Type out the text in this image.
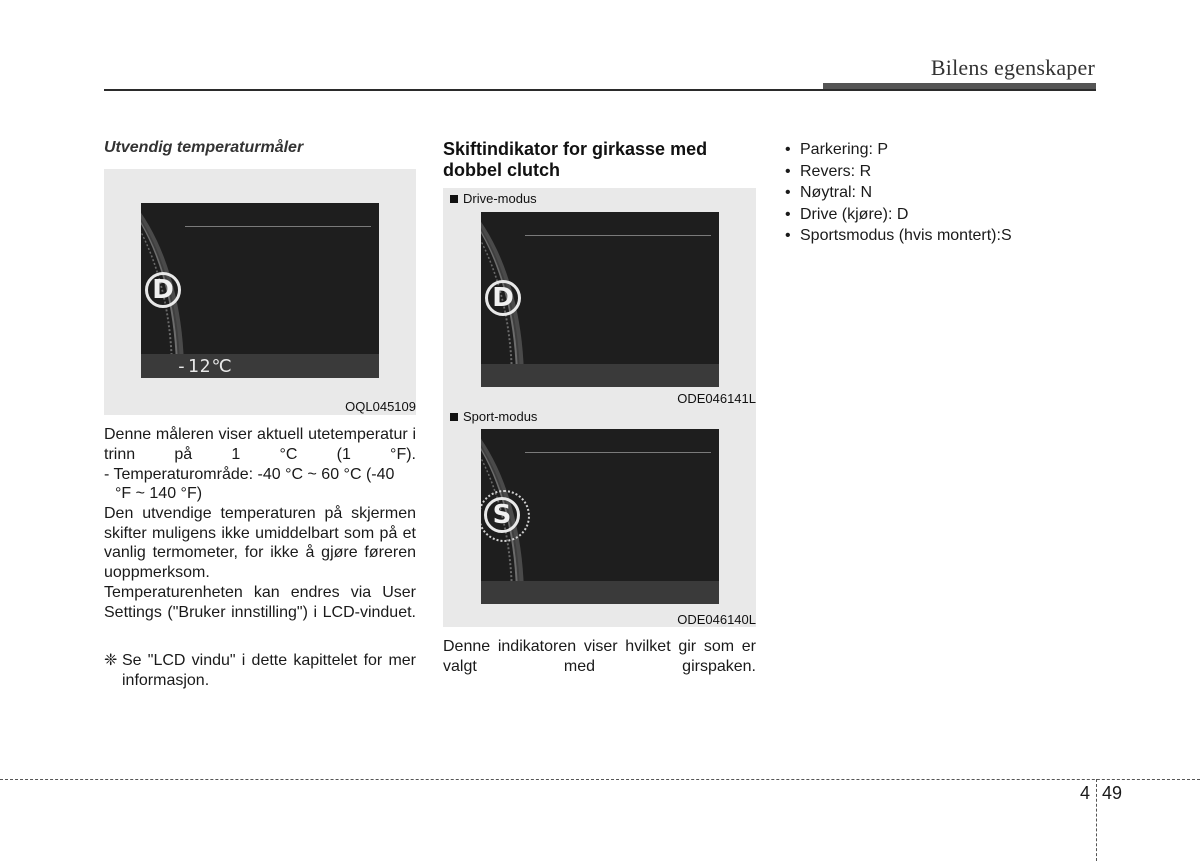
Bilens egenskaper
Utvendig temperaturmåler
D
-12℃
OQL045109
Denne måleren viser aktuell utetemperatur i trinn på 1 °C (1 °F).
- Temperaturområde: -40 °C ~ 60 °C (-40
°F ~ 140 °F)
Den utvendige temperaturen på skjermen skifter muligens ikke umiddelbart som på et vanlig termometer, for ikke å gjøre føreren uoppmerksom.
Temperaturenheten kan endres via User Settings ("Bruker innstilling") i LCD-vinduet.
❈ Se "LCD vindu" i dette kapittelet for mer informasjon.
Skiftindikator for girkasse med dobbel clutch
Drive-modus
D
ODE046141L
Sport-modus
S
ODE046140L
Denne indikatoren viser hvilket gir som er valgt med girspaken.
• Parkering: P
• Revers: R
• Nøytral: N
• Drive (kjøre): D
• Sportsmodus (hvis montert):S
4 49
